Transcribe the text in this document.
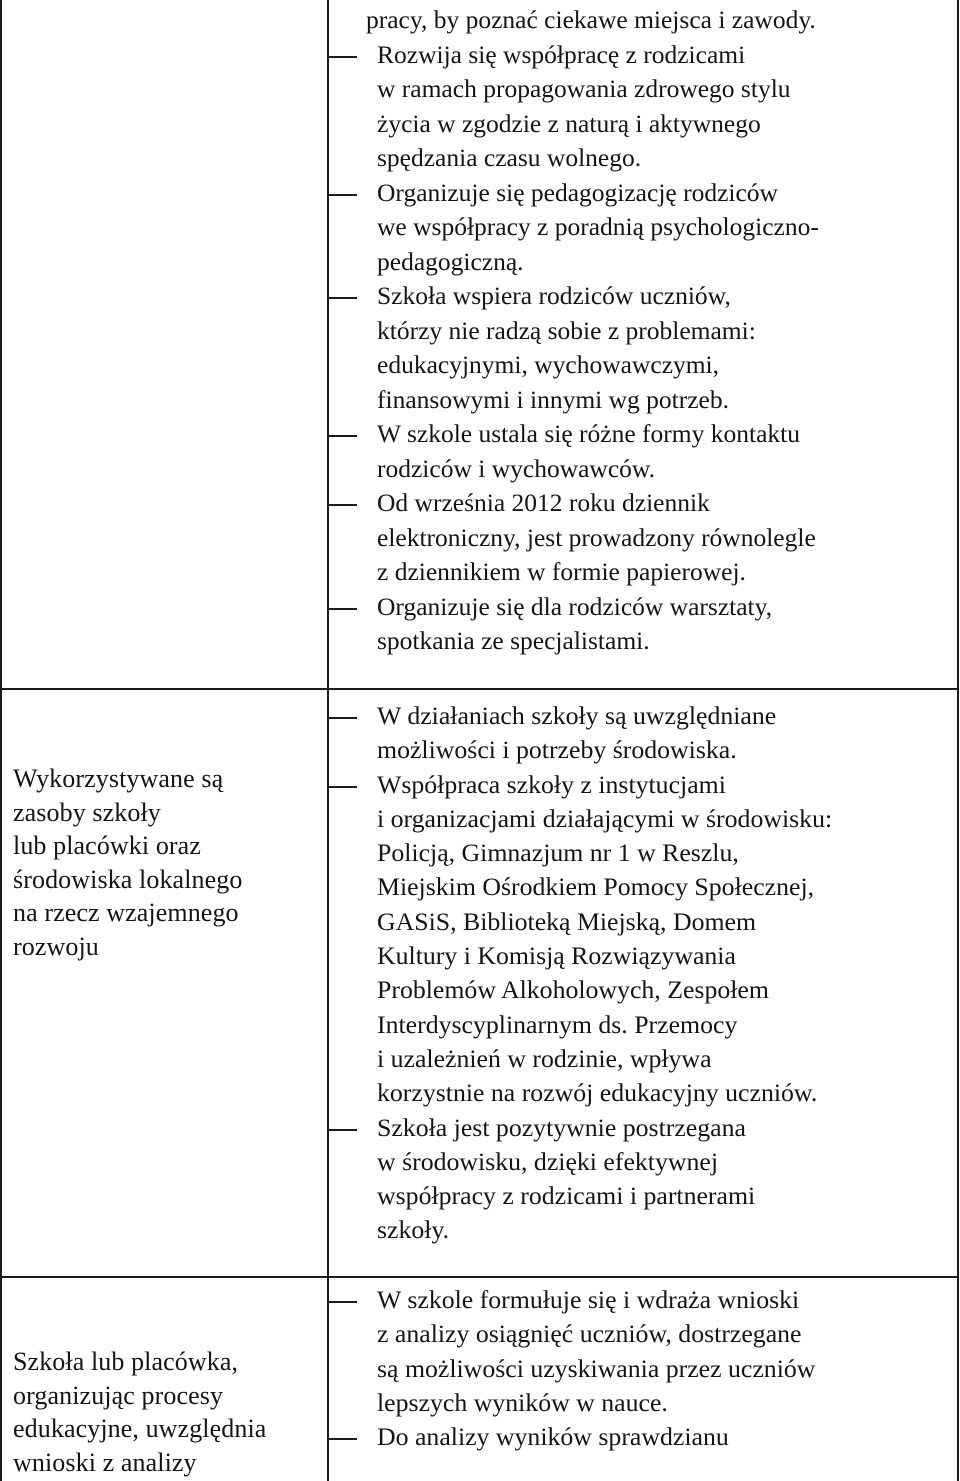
pracy, by poznać ciekawe miejsca i zawody.

Rozwija się współpracę z rodzicami
w ramach propagowania zdrowego stylu
życia w zgodzie z naturą i aktywnego
spędzania czasu wolnego.
Organizuje się pedagogizację rodziców
we współpracy z poradnią psychologiczno-
pedagogiczną.
Szkoła wspiera rodziców uczniów,
którzy nie radzą sobie z problemami:
edukacyjnymi, wychowawczymi,
finansowymi i innymi wg potrzeb.
W szkole ustala się różne formy kontaktu
rodziców i wychowawców.
Od września 2012 roku dziennik
elektroniczny, jest prowadzony równolegle
z dziennikiem w formie papierowej.
Organizuje się dla rodziców warsztaty,
spotkania ze specjalistami.
Wykorzystywane są
zasoby szkoły
lub placówki oraz
środowiska lokalnego
na rzecz wzajemnego
rozwoju
W działaniach szkoły są uwzględniane
możliwości i potrzeby środowiska.
Współpraca szkoły z instytucjami
i organizacjami działającymi w środowisku:
Policją, Gimnazjum nr 1 w Reszlu,
Miejskim Ośrodkiem Pomocy Społecznej,
GASiS, Biblioteką Miejską, Domem
Kultury i Komisją Rozwiązywania
Problemów Alkoholowych, Zespołem
Interdyscyplinarnym ds. Przemocy
i uzależnień w rodzinie, wpływa
korzystnie na rozwój edukacyjny uczniów.
Szkoła jest pozytywnie postrzegana
w środowisku, dzięki efektywnej
współpracy z rodzicami i partnerami
szkoły.
Szkoła lub placówka,
organizując procesy
edukacyjne, uwzględnia
wnioski z analizy
W szkole formułuje się i wdraża wnioski
z analizy osiągnięć uczniów, dostrzegane
są możliwości uzyskiwania przez uczniów
lepszych wyników w nauce.
Do analizy wyników sprawdzianu
